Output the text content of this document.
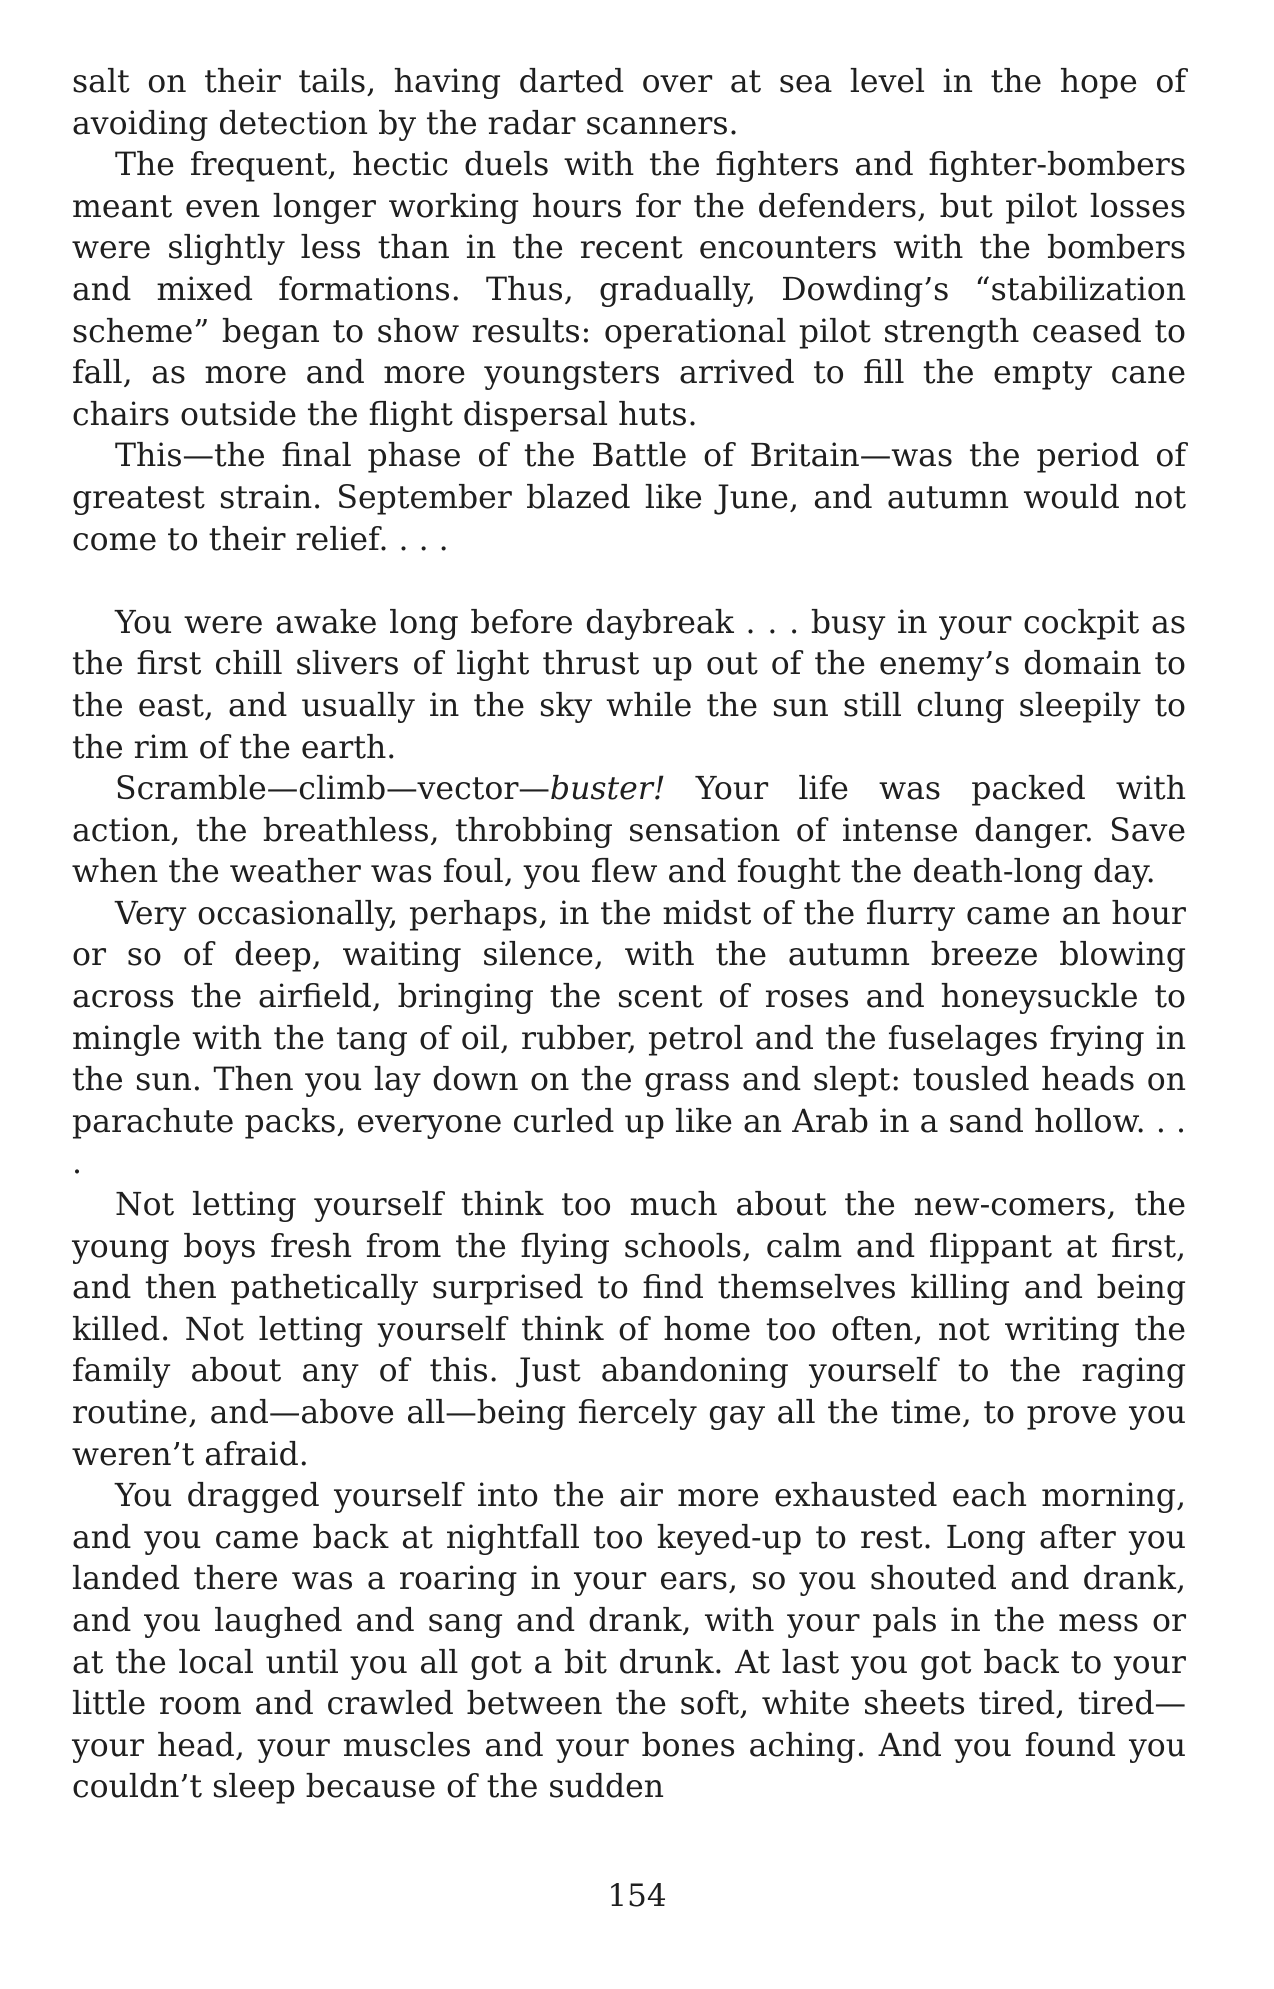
salt on their tails, having darted over at sea level in the hope of avoiding detection by the radar scanners.

The frequent, hectic duels with the fighters and fighter-bombers meant even longer working hours for the defenders, but pilot losses were slightly less than in the recent encounters with the bombers and mixed formations. Thus, gradually, Dowding’s “stabilization scheme” began to show results: operational pilot strength ceased to fall, as more and more youngsters arrived to fill the empty cane chairs outside the flight dispersal huts.

This—the final phase of the Battle of Britain—was the period of greatest strain. September blazed like June, and autumn would not come to their relief. . . .

You were awake long before daybreak . . . busy in your cockpit as the first chill slivers of light thrust up out of the enemy’s domain to the east, and usually in the sky while the sun still clung sleepily to the rim of the earth.

Scramble—climb—vector—buster! Your life was packed with action, the breathless, throbbing sensation of intense danger. Save when the weather was foul, you flew and fought the death-long day.

Very occasionally, perhaps, in the midst of the flurry came an hour or so of deep, waiting silence, with the autumn breeze blowing across the airfield, bringing the scent of roses and honeysuckle to mingle with the tang of oil, rubber, petrol and the fuselages frying in the sun. Then you lay down on the grass and slept: tousled heads on parachute packs, everyone curled up like an Arab in a sand hollow. . . .

Not letting yourself think too much about the new-comers, the young boys fresh from the flying schools, calm and flippant at first, and then pathetically surprised to find themselves killing and being killed. Not letting yourself think of home too often, not writing the family about any of this. Just abandoning yourself to the raging routine, and—above all—being fiercely gay all the time, to prove you weren’t afraid.

You dragged yourself into the air more exhausted each morning, and you came back at nightfall too keyed-up to rest. Long after you landed there was a roaring in your ears, so you shouted and drank, and you laughed and sang and drank, with your pals in the mess or at the local until you all got a bit drunk. At last you got back to your little room and crawled between the soft, white sheets tired, tired—your head, your muscles and your bones aching. And you found you couldn’t sleep because of the sudden

154
